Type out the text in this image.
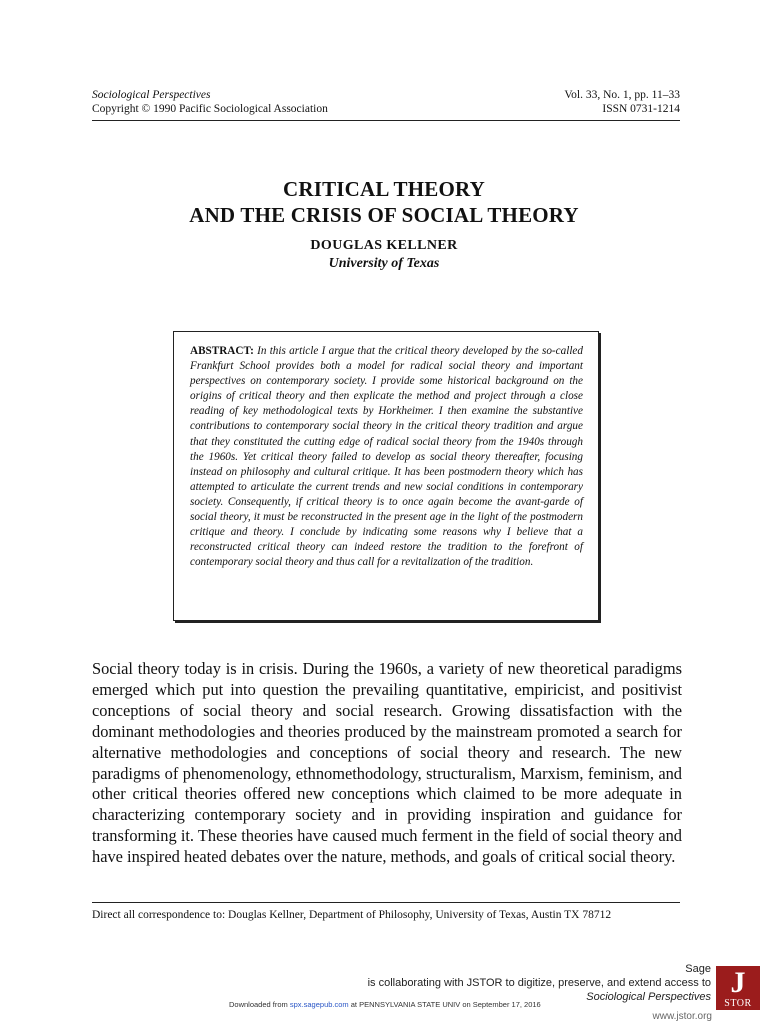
Sociological Perspectives	Vol. 33, No. 1, pp. 11–33
Copyright © 1990 Pacific Sociological Association	ISSN 0731-1214
CRITICAL THEORY
AND THE CRISIS OF SOCIAL THEORY
DOUGLAS KELLNER
University of Texas
ABSTRACT: In this article I argue that the critical theory developed by the so-called Frankfurt School provides both a model for radical social theory and important perspectives on contemporary society. I provide some historical background on the origins of critical theory and then explicate the method and project through a close reading of key methodological texts by Horkheimer. I then examine the substantive contributions to contemporary social theory in the critical theory tradition and argue that they constituted the cutting edge of radical social theory from the 1940s through the 1960s. Yet critical theory failed to develop as social theory thereafter, focusing instead on philosophy and cultural critique. It has been postmodern theory which has attempted to articulate the current trends and new social conditions in contemporary society. Consequently, if critical theory is to once again become the avant-garde of social theory, it must be reconstructed in the present age in the light of the postmodern critique and theory. I conclude by indicating some reasons why I believe that a reconstructed critical theory can indeed restore the tradition to the forefront of contemporary social theory and thus call for a revitalization of the tradition.
Social theory today is in crisis. During the 1960s, a variety of new theoretical paradigms emerged which put into question the prevailing quantitative, empiricist, and positivist conceptions of social theory and social research. Growing dissatisfaction with the dominant methodologies and theories produced by the mainstream promoted a search for alternative methodologies and conceptions of social theory and research. The new paradigms of phenomenology, ethnomethodology, structuralism, Marxism, feminism, and other critical theories offered new conceptions which claimed to be more adequate in characterizing contemporary society and in providing inspiration and guidance for transforming it. These theories have caused much ferment in the field of social theory and have inspired heated debates over the nature, methods, and goals of critical social theory.
Direct all correspondence to: Douglas Kellner, Department of Philosophy, University of Texas, Austin TX 78712
Sage
is collaborating with JSTOR to digitize, preserve, and extend access to
Sociological Perspectives
Downloaded from spx.sagepub.com at PENNSYLVANIA STATE UNIV on September 17, 2016
J
STOR
www.jstor.org
